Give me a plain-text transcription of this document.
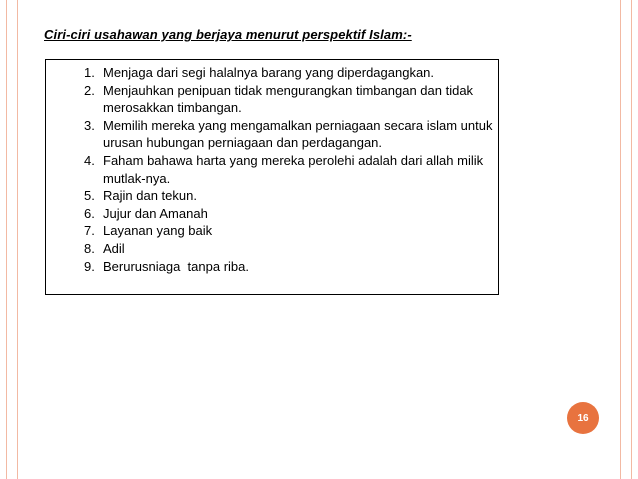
Ciri-ciri usahawan yang berjaya menurut perspektif Islam:-
1. Menjaga dari segi halalnya barang yang diperdagangkan.
2. Menjauhkan penipuan tidak mengurangkan timbangan dan tidak  merosakkan timbangan.
3. Memilih mereka yang mengamalkan perniagaan secara islam untuk urusan hubungan perniagaan dan perdagangan.
4. Faham bahawa harta yang mereka perolehi adalah dari allah milik mutlak-nya.
5. Rajin dan tekun.
6. Jujur dan Amanah
7. Layanan yang baik
8. Adil
9. Berurusniaga  tanpa riba.
16
